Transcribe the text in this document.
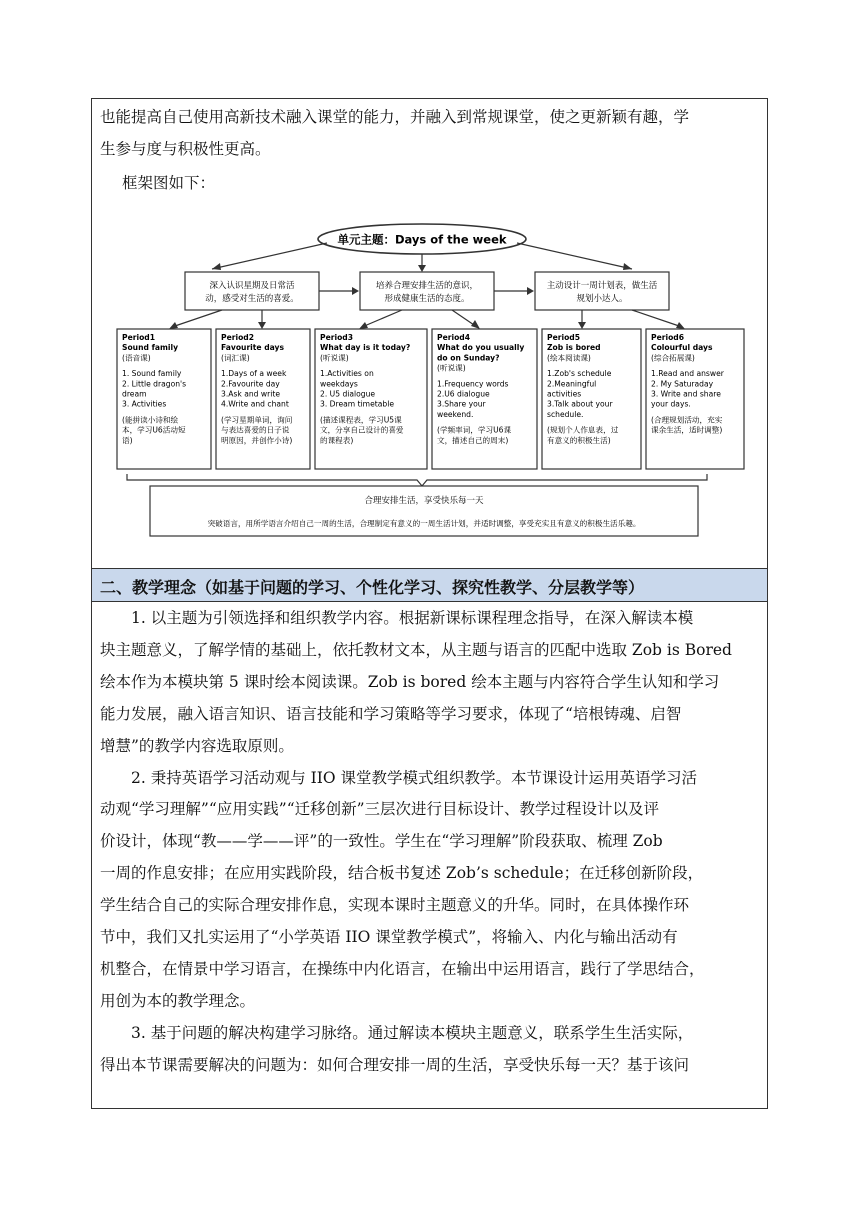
也能提高自己使用高新技术融入课堂的能力，并融入到常规课堂，使之更新颖有趣，学
生参与度与积极性更高。
框架图如下：
单元主题：Days of the week
深入认识星期及日常活
动，感受对生活的喜爱。
培养合理安排生活的意识，
形成健康生活的态度。
主动设计一周计划表，做生活
规划小达人。
Period1
Sound family
(语音课)
1. Sound family
2. Little dragon's
dream
3. Activities
(能拼读小诗和绘
本，学习U6活动短
语)
Period2
Favourite days
(词汇课)
1.Days of a week
2.Favourite day
3.Ask and write
4.Write and chant
(学习星期单词，询问
与表达喜爱的日子说
明原因，并创作小诗)
Period3
What day is it today?
(听说课)
1.Activities on
weekdays
2. U5 dialogue
3. Dream timetable
(描述课程表，学习U5课
文，分享自己设计的喜爱
的课程表)
Period4
What do you usually
do on Sunday?
(听说课)
1.Frequency words
2.U6 dialogue
3.Share your
weekend.
(学频率词，学习U6课
文，描述自己的周末)
Period5
Zob is bored
(绘本阅读课)
1.Zob's schedule
2.Meaningful
activities
3.Talk about your
schedule.
(规划个人作息表，过
有意义的积极生活)
Period6
Colourful days
(综合拓展课)
1.Read and answer
2. My Saturaday
3. Write and share
your days.
(合理规划活动，充实
课余生活，适时调整)
合理安排生活，享受快乐每一天
突破语言，用所学语言介绍自己一周的生活，合理制定有意义的一周生活计划，并适时调整，享受充实且有意义的积极生活乐趣。
二、教学理念（如基于问题的学习、个性化学习、探究性教学、分层教学等）
　　1. 以主题为引领选择和组织教学内容。根据新课标课程理念指导，在深入解读本模
块主题意义，了解学情的基础上，依托教材文本，从主题与语言的匹配中选取 Zob is Bored
绘本作为本模块第 5 课时绘本阅读课。Zob is bored 绘本主题与内容符合学生认知和学习
能力发展，融入语言知识、语言技能和学习策略等学习要求，体现了“培根铸魂、启智
增慧”的教学内容选取原则。
　　2. 秉持英语学习活动观与 IIO 课堂教学模式组织教学。本节课设计运用英语学习活
动观“学习理解”“应用实践”“迁移创新”三层次进行目标设计、教学过程设计以及评
价设计，体现“教——学——评”的一致性。学生在“学习理解”阶段获取、梳理 Zob
一周的作息安排；在应用实践阶段，结合板书复述 Zob’s schedule；在迁移创新阶段，
学生结合自己的实际合理安排作息，实现本课时主题意义的升华。同时，在具体操作环
节中，我们又扎实运用了“小学英语 IIO 课堂教学模式”，将输入、内化与输出活动有
机整合，在情景中学习语言，在操练中内化语言，在输出中运用语言，践行了学思结合，
用创为本的教学理念。
　　3. 基于问题的解决构建学习脉络。通过解读本模块主题意义，联系学生生活实际，
得出本节课需要解决的问题为：如何合理安排一周的生活，享受快乐每一天？基于该问
